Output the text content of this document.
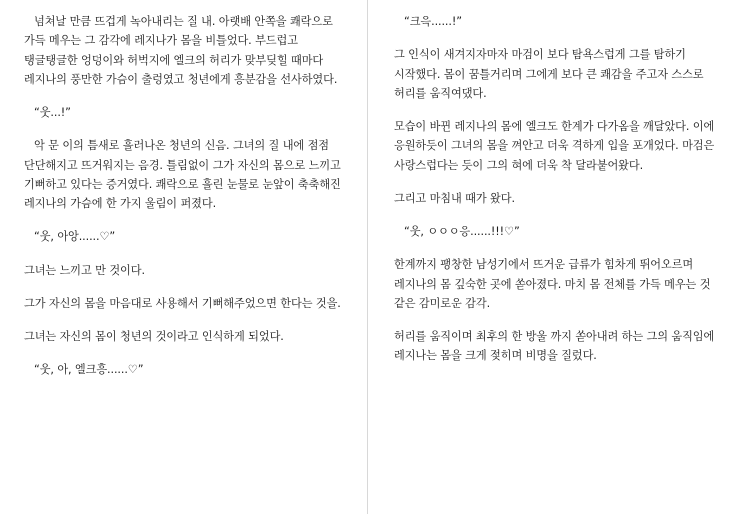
넘쳐날 만큼 뜨겁게 녹아내리는 질 내. 아랫배 안쪽을 쾌락으로 가득 메우는 그 감각에 레지나가 몸을 비틀었다. 부드럽고 탱글탱글한 엉덩이와 허벅지에 엘크의 허리가 맞부딪힐 때마다 레지나의 풍만한 가슴이 출렁였고 청년에게 흥분감을 선사하였다.

“웃...!”

악 문 이의 틈새로 흘러나온 청년의 신음. 그녀의 질 내에 점점 단단해지고 뜨거워지는 음경. 틀림없이 그가 자신의 몸으로 느끼고 기뻐하고 있다는 증거였다. 쾌락으로 흘린 눈물로 눈앞이 축축해진 레지나의 가슴에 한 가지 울림이 퍼졌다.

“웃, 아앙......♡”

그녀는 느끼고 만 것이다.

그가 자신의 몸을 마음대로 사용해서 기뻐해주었으면 한다는 것을.

그녀는 자신의 몸이 청년의 것이라고 인식하게 되었다.

“웃, 아, 엘크흥......♡”

“크윽......!”

그 인식이 새겨지자마자 마검이 보다 탐욕스럽게 그를 탐하기 시작했다. 몸이 꿈틀거리며 그에게 보다 큰 쾌감을 주고자 스스로 허리를 움직여댔다.

모습이 바뀐 레지나의 몸에 엘크도 한계가 다가옴을 깨달았다. 이에 응원하듯이 그녀의 몸을 껴안고 더욱 격하게 입을 포개었다. 마검은 사랑스럽다는 듯이 그의 혀에 더욱 착 달라붙어왔다.

그리고 마침내 때가 왔다.

“웃, ㅇㅇㅇ응......!!!♡”

한계까지 팽창한 남성기에서 뜨거운 급류가 힘차게 뛰어오르며 레지나의 몸 깊숙한 곳에 쏟아졌다. 마치 몸 전체를 가득 메우는 것 같은 감미로운 감각.

허리를 움직이며 최후의 한 방울 까지 쏟아내려 하는 그의 움직임에 레지나는 몸을 크게 젖히며 비명을 질렀다.
